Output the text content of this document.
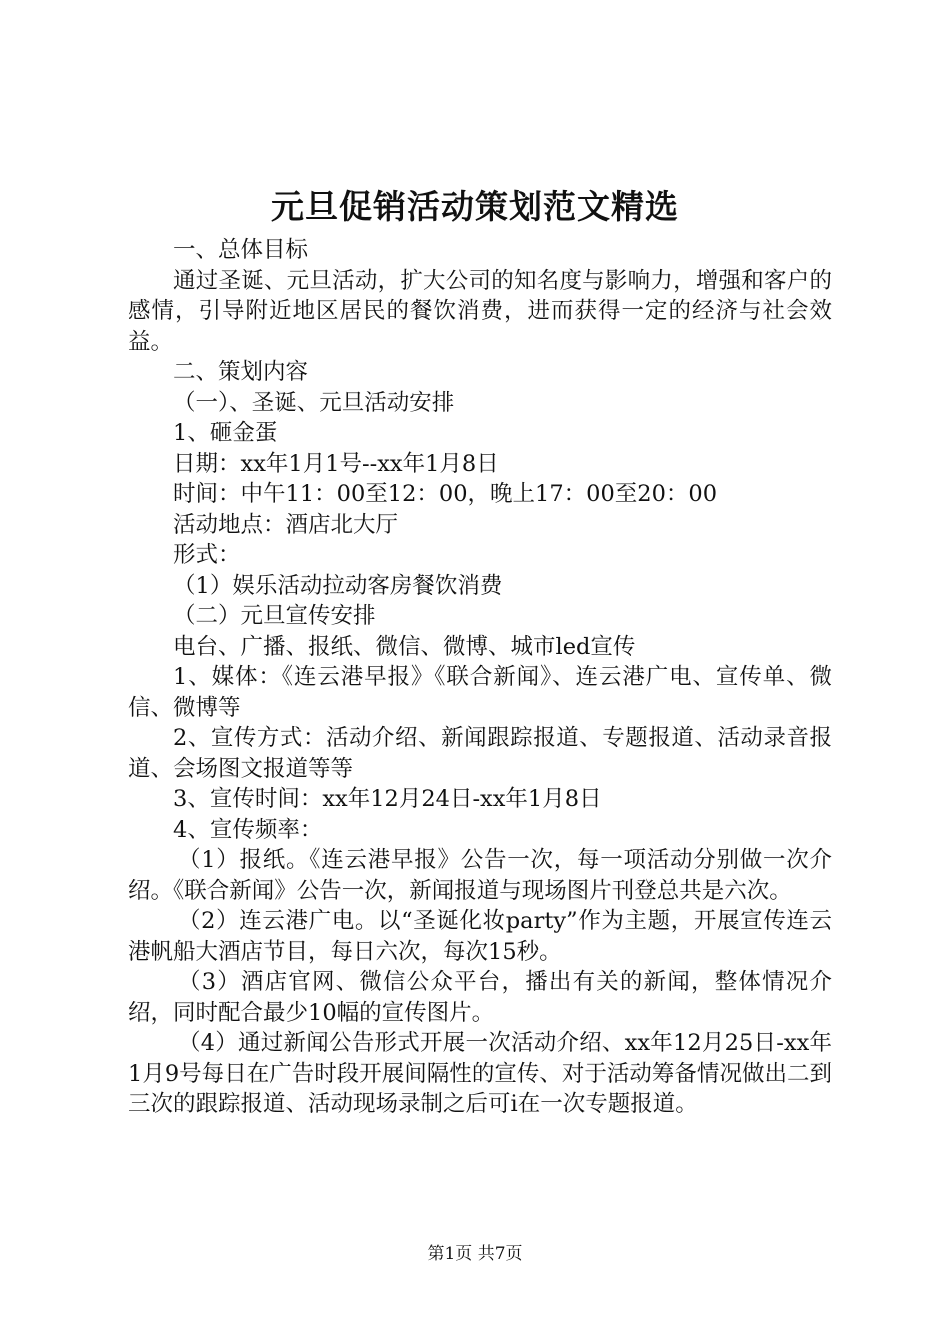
元旦促销活动策划范文精选

一、总体目标

通过圣诞、元旦活动，扩大公司的知名度与影响力，增强和客户的感情，引导附近地区居民的餐饮消费，进而获得一定的经济与社会效益。

二、策划内容

（一）、圣诞、元旦活动安排

1、砸金蛋

日期：xx年1月1号--xx年1月8日

时间：中午11：00至12：00，晚上17：00至20：00

活动地点：酒店北大厅

形式：

（1）娱乐活动拉动客房餐饮消费

（二）元旦宣传安排

电台、广播、报纸、微信、微博、城市led宣传

1、媒体：《连云港早报》《联合新闻》、连云港广电、宣传单、微信、微博等

2、宣传方式：活动介绍、新闻跟踪报道、专题报道、活动录音报道、会场图文报道等等

3、宣传时间：xx年12月24日-xx年1月8日

4、宣传频率：

（1）报纸。《连云港早报》公告一次，每一项活动分别做一次介绍。《联合新闻》公告一次，新闻报道与现场图片刊登总共是六次。

（2）连云港广电。以“圣诞化妆party”作为主题，开展宣传连云港帆船大酒店节目，每日六次，每次15秒。

（3）酒店官网、微信公众平台，播出有关的新闻，整体情况介绍，同时配合最少10幅的宣传图片。

（4）通过新闻公告形式开展一次活动介绍、xx年12月25日-xx年1月9号每日在广告时段开展间隔性的宣传、对于活动筹备情况做出二到三次的跟踪报道、活动现场录制之后可i在一次专题报道。

第1页 共7页
